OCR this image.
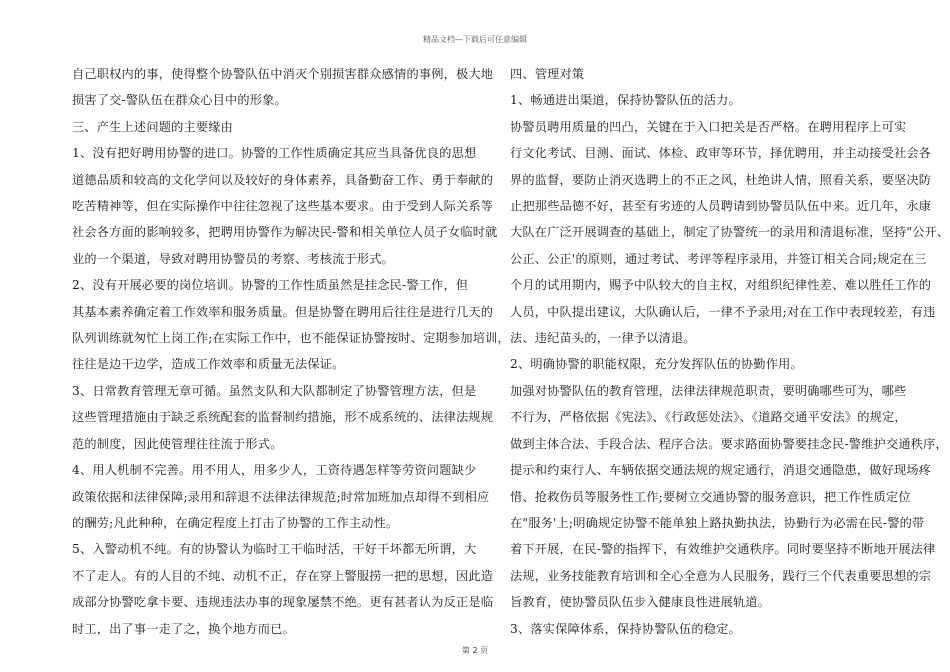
精品文档—下载后可任意编辑

自己职权内的事，使得整个协警队伍中消灭个别损害群众感情的事例，极大地

损害了交-警队伍在群众心目中的形象。

三、产生上述问题的主要缘由

1、没有把好聘用协警的进口。协警的工作性质确定其应当具备优良的思想

道德品质和较高的文化学问以及较好的身体素养，具备勤奋工作、勇于奉献的

吃苦精神等，但在实际操作中往往忽视了这些基本要求。由于受到人际关系等

社会各方面的影响较多，把聘用协警作为解决民-警和相关单位人员子女临时就

业的一个渠道，导致对聘用协警员的考察、考核流于形式。

2、没有开展必要的岗位培训。协警的工作性质虽然是挂念民-警工作，但

其基本素养确定着工作效率和服务质量。但是协警在聘用后往往是进行几天的

队列训练就匆忙上岗工作;在实际工作中，也不能保证协警按时、定期参加培训，

往往是边干边学，造成工作效率和质量无法保证。

3、日常教育管理无章可循。虽然支队和大队都制定了协警管理方法，但是

这些管理措施由于缺乏系统配套的监督制约措施，形不成系统的、法律法规规

范的制度，因此使管理往往流于形式。

4、用人机制不完善。用不用人，用多少人，工资待遇怎样等劳资问题缺少

政策依据和法律保障;录用和辞退不法律法律规范;时常加班加点却得不到相应

的酬劳;凡此种种，在确定程度上打击了协警的工作主动性。

5、入警动机不纯。有的协警认为临时工干临时活，干好干坏都无所谓，大

不了走人。有的人目的不纯、动机不正，存在穿上警服捞一把的思想，因此造

成部分协警吃拿卡要、违规违法办事的现象屡禁不绝。更有甚者认为反正是临

时工，出了事一走了之，换个地方而已。

四、管理对策

1、畅通进出渠道，保持协警队伍的活力。

协警员聘用质量的凹凸，关键在于入口把关是否严格。在聘用程序上可实

行文化考试、目测、面试、体检、政审等环节，择优聘用，并主动接受社会各

界的监督，要防止消灭选聘上的不正之风，杜绝讲人情，照看关系，要坚决防

止把那些品德不好，甚至有劣迹的人员聘请到协警员队伍中来。近几年，永康

大队在广泛开展调查的基础上，制定了协警统一的录用和清退标准，坚持"公开、

公正、公正'的原则，通过考试、考评等程序录用，并签订相关合同;规定在三

个月的试用期内，赐予中队较大的自主权，对组织纪律性差、难以胜任工作的

人员，中队提出建议，大队确认后，一律不予录用;对在工作中表现较差，有违

法、违纪苗头的，一律予以清退。

2、明确协警的职能权限，充分发挥队伍的协勤作用。

加强对协警队伍的教育管理，法律法律规范职责，要明确哪些可为，哪些

不行为，严格依据《宪法》、《行政惩处法》、《道路交通平安法》的规定，

做到主体合法、手段合法、程序合法。要求路面协警要挂念民-警维护交通秩序，

提示和约束行人、车辆依据交通法规的规定通行，消退交通隐患，做好现场疼

惜、抢救伤员等服务性工作;要树立交通协警的服务意识，把工作性质定位

在"服务'上;明确规定协警不能单独上路执勤执法，协勤行为必需在民-警的带

着下开展，在民-警的指挥下，有效维护交通秩序。同时要坚持不断地开展法律

法规，业务技能教育培训和全心全意为人民服务，践行三个代表重要思想的宗

旨教育，使协警员队伍步入健康良性进展轨道。

3、落实保障体系，保持协警队伍的稳定。

第 2 页
